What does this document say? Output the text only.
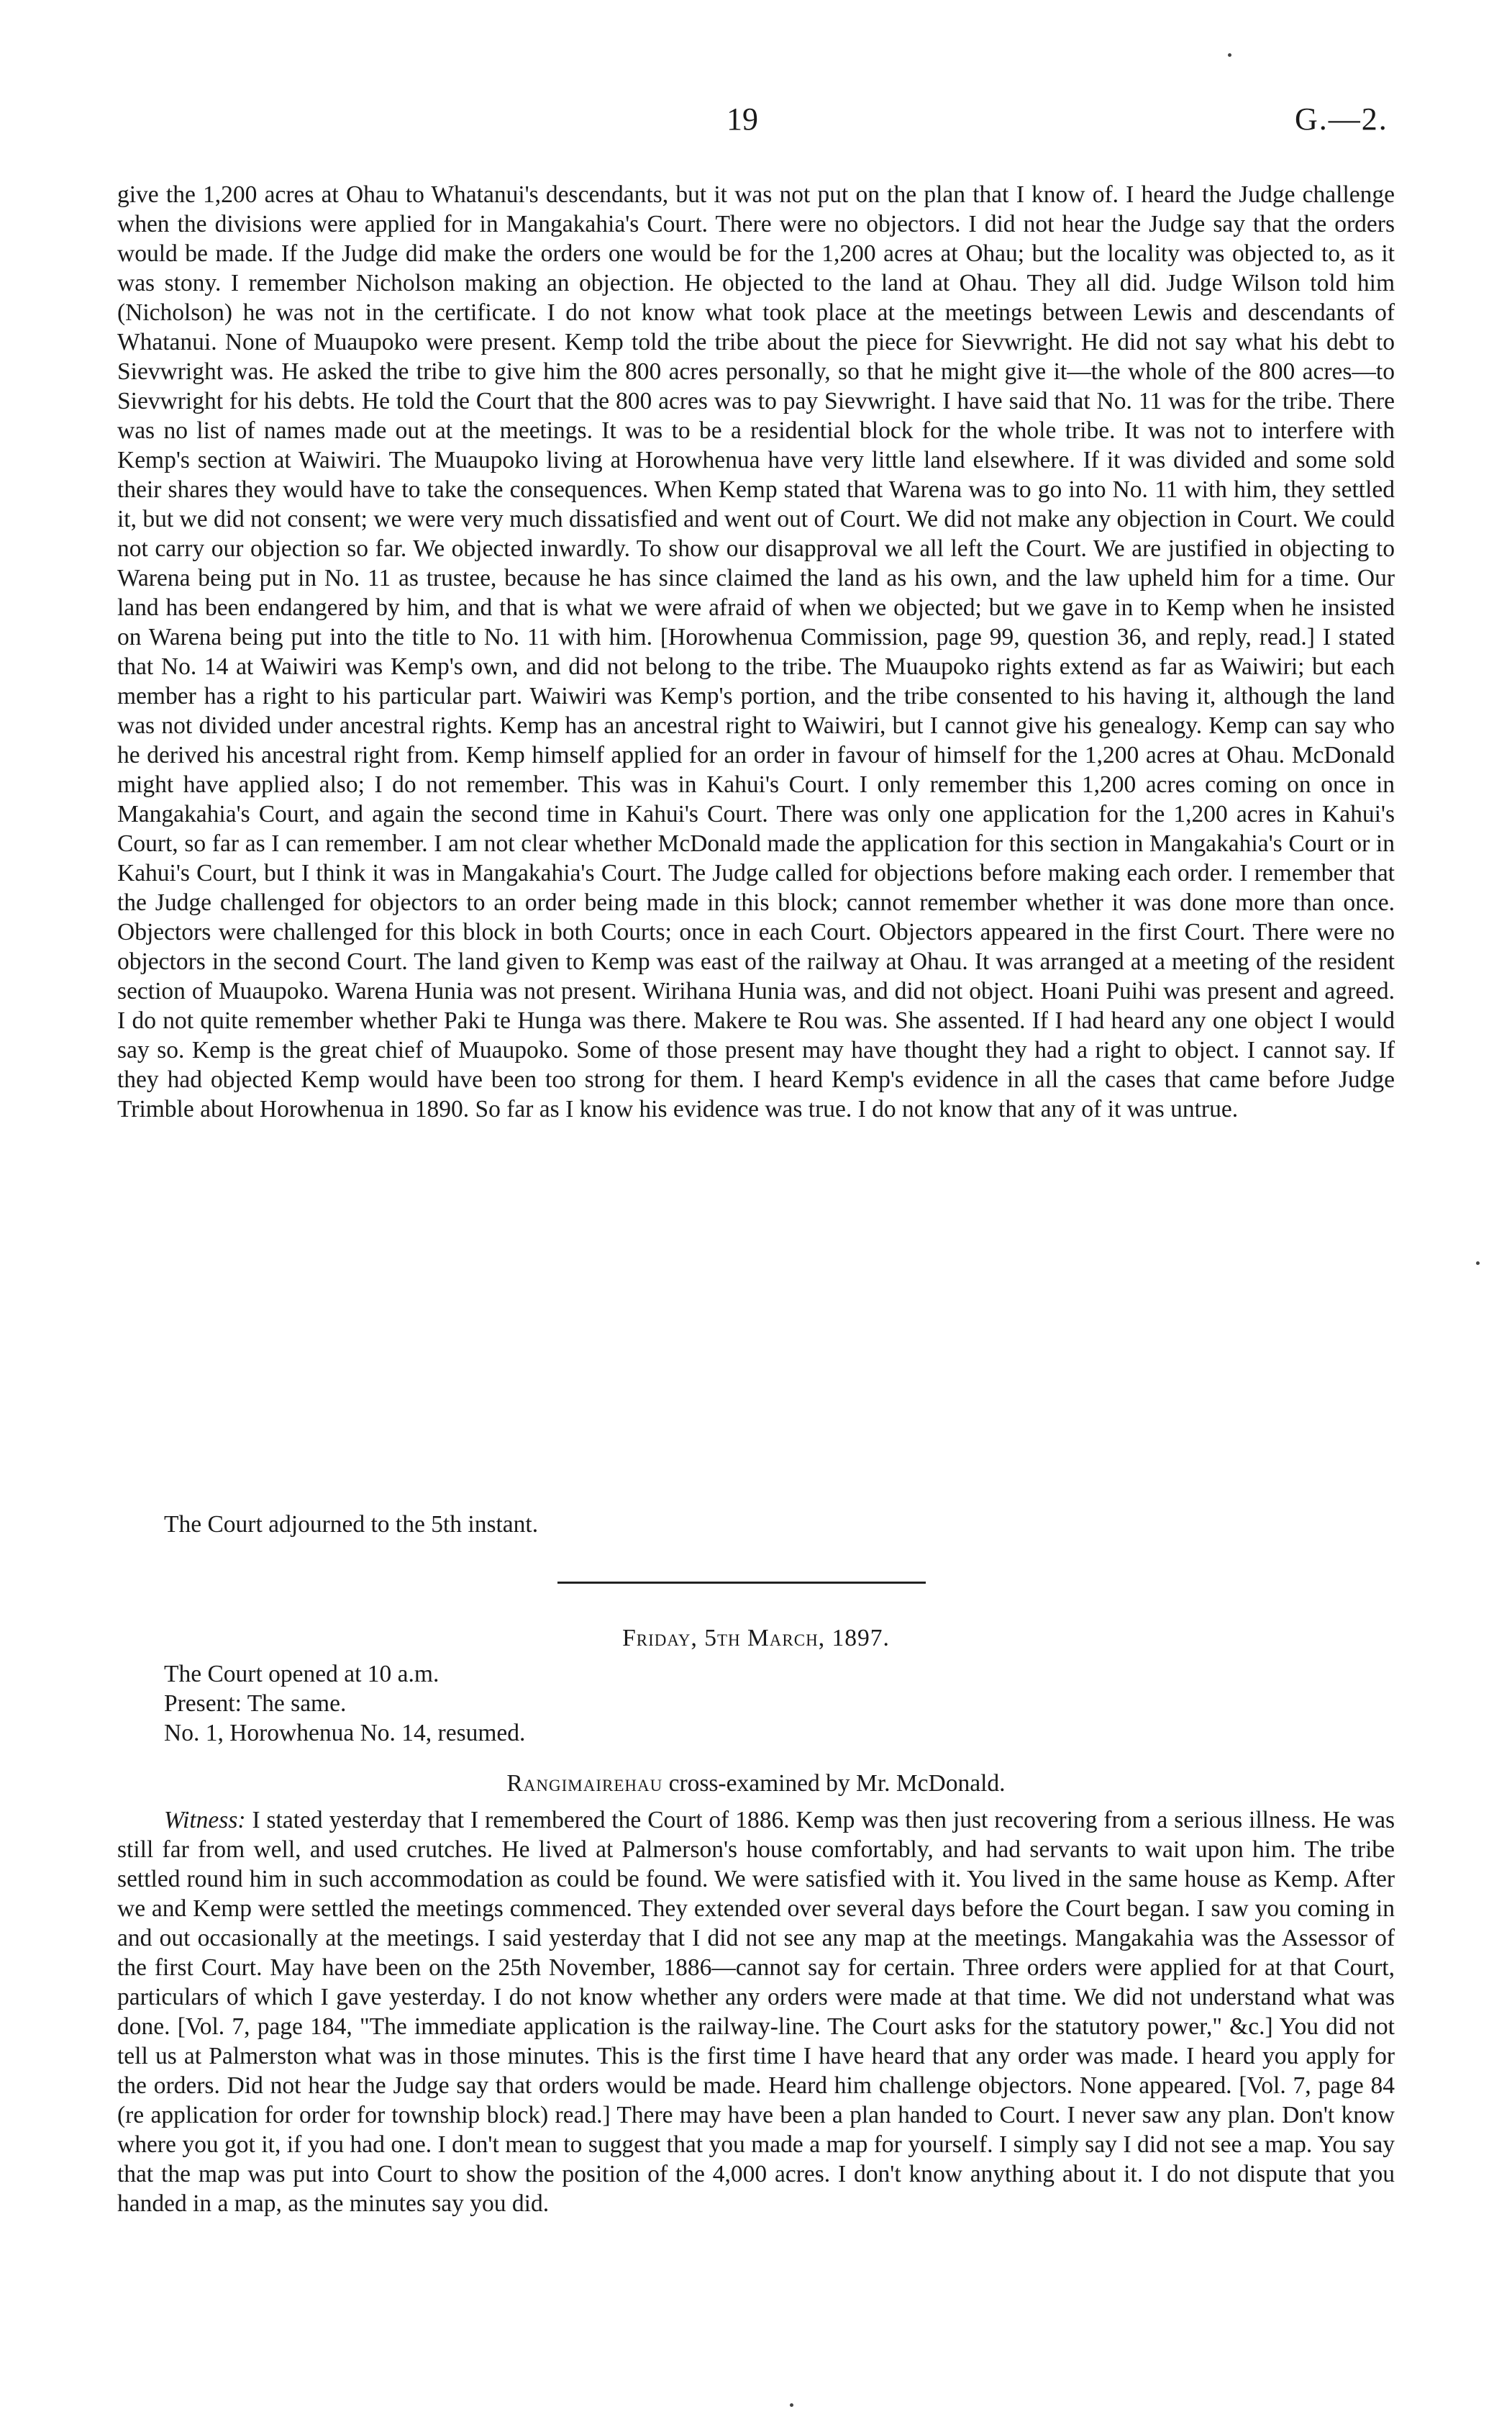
19	G.—2.

give the 1,200 acres at Ohau to Whatanui's descendants, but it was not put on the plan that I know of. I heard the Judge challenge when the divisions were applied for in Mangakahia's Court. There were no objectors. I did not hear the Judge say that the orders would be made. If the Judge did make the orders one would be for the 1,200 acres at Ohau; but the locality was objected to, as it was stony. I remember Nicholson making an objection. He objected to the land at Ohau. They all did. Judge Wilson told him (Nicholson) he was not in the certificate. I do not know what took place at the meetings between Lewis and descendants of Whatanui. None of Muaupoko were present. Kemp told the tribe about the piece for Sievwright. He did not say what his debt to Sievwright was. He asked the tribe to give him the 800 acres personally, so that he might give it—the whole of the 800 acres—to Sievwright for his debts. He told the Court that the 800 acres was to pay Sievwright. I have said that No. 11 was for the tribe. There was no list of names made out at the meetings. It was to be a residential block for the whole tribe. It was not to interfere with Kemp's section at Waiwiri. The Muaupoko living at Horowhenua have very little land elsewhere. If it was divided and some sold their shares they would have to take the consequences. When Kemp stated that Warena was to go into No. 11 with him, they settled it, but we did not consent; we were very much dissatisfied and went out of Court. We did not make any objection in Court. We could not carry our objection so far. We objected inwardly. To show our disapproval we all left the Court. We are justified in objecting to Warena being put in No. 11 as trustee, because he has since claimed the land as his own, and the law upheld him for a time. Our land has been endangered by him, and that is what we were afraid of when we objected; but we gave in to Kemp when he insisted on Warena being put into the title to No. 11 with him. [Horowhenua Commission, page 99, question 36, and reply, read.] I stated that No. 14 at Waiwiri was Kemp's own, and did not belong to the tribe. The Muaupoko rights extend as far as Waiwiri; but each member has a right to his particular part. Waiwiri was Kemp's portion, and the tribe consented to his having it, although the land was not divided under ancestral rights. Kemp has an ancestral right to Waiwiri, but I cannot give his genealogy. Kemp can say who he derived his ancestral right from. Kemp himself applied for an order in favour of himself for the 1,200 acres at Ohau. McDonald might have applied also; I do not remember. This was in Kahui's Court. I only remember this 1,200 acres coming on once in Mangakahia's Court, and again the second time in Kahui's Court. There was only one application for the 1,200 acres in Kahui's Court, so far as I can remember. I am not clear whether McDonald made the application for this section in Mangakahia's Court or in Kahui's Court, but I think it was in Mangakahia's Court. The Judge called for objections before making each order. I remember that the Judge challenged for objectors to an order being made in this block; cannot remember whether it was done more than once. Objectors were challenged for this block in both Courts; once in each Court. Objectors appeared in the first Court. There were no objectors in the second Court. The land given to Kemp was east of the railway at Ohau. It was arranged at a meeting of the resident section of Muaupoko. Warena Hunia was not present. Wirihana Hunia was, and did not object. Hoani Puihi was present and agreed. I do not quite remember whether Paki te Hunga was there. Makere te Rou was. She assented. If I had heard any one object I would say so. Kemp is the great chief of Muaupoko. Some of those present may have thought they had a right to object. I cannot say. If they had objected Kemp would have been too strong for them. I heard Kemp's evidence in all the cases that came before Judge Trimble about Horowhenua in 1890. So far as I know his evidence was true. I do not know that any of it was untrue.

The Court adjourned to the 5th instant.

Friday, 5th March, 1897.
The Court opened at 10 a.m.
Present: The same.
No. 1, Horowhenua No. 14, resumed.
Rangimairehau cross-examined by Mr. McDonald.

Witness: I stated yesterday that I remembered the Court of 1886. Kemp was then just recovering from a serious illness. He was still far from well, and used crutches. He lived at Palmerson's house comfortably, and had servants to wait upon him. The tribe settled round him in such accommodation as could be found. We were satisfied with it. You lived in the same house as Kemp. After we and Kemp were settled the meetings commenced. They extended over several days before the Court began. I saw you coming in and out occasionally at the meetings. I said yesterday that I did not see any map at the meetings. Mangakahia was the Assessor of the first Court. May have been on the 25th November, 1886—cannot say for certain. Three orders were applied for at that Court, particulars of which I gave yesterday. I do not know whether any orders were made at that time. We did not understand what was done. [Vol. 7, page 184, "The immediate application is the railway-line. The Court asks for the statutory power," &c.] You did not tell us at Palmerston what was in those minutes. This is the first time I have heard that any order was made. I heard you apply for the orders. Did not hear the Judge say that orders would be made. Heard him challenge objectors. None appeared. [Vol. 7, page 84 (re application for order for township block) read.] There may have been a plan handed to Court. I never saw any plan. Don't know where you got it, if you had one. I don't mean to suggest that you made a map for yourself. I simply say I did not see a map. You say that the map was put into Court to show the position of the 4,000 acres. I don't know anything about it. I do not dispute that you handed in a map, as the minutes say you did.
